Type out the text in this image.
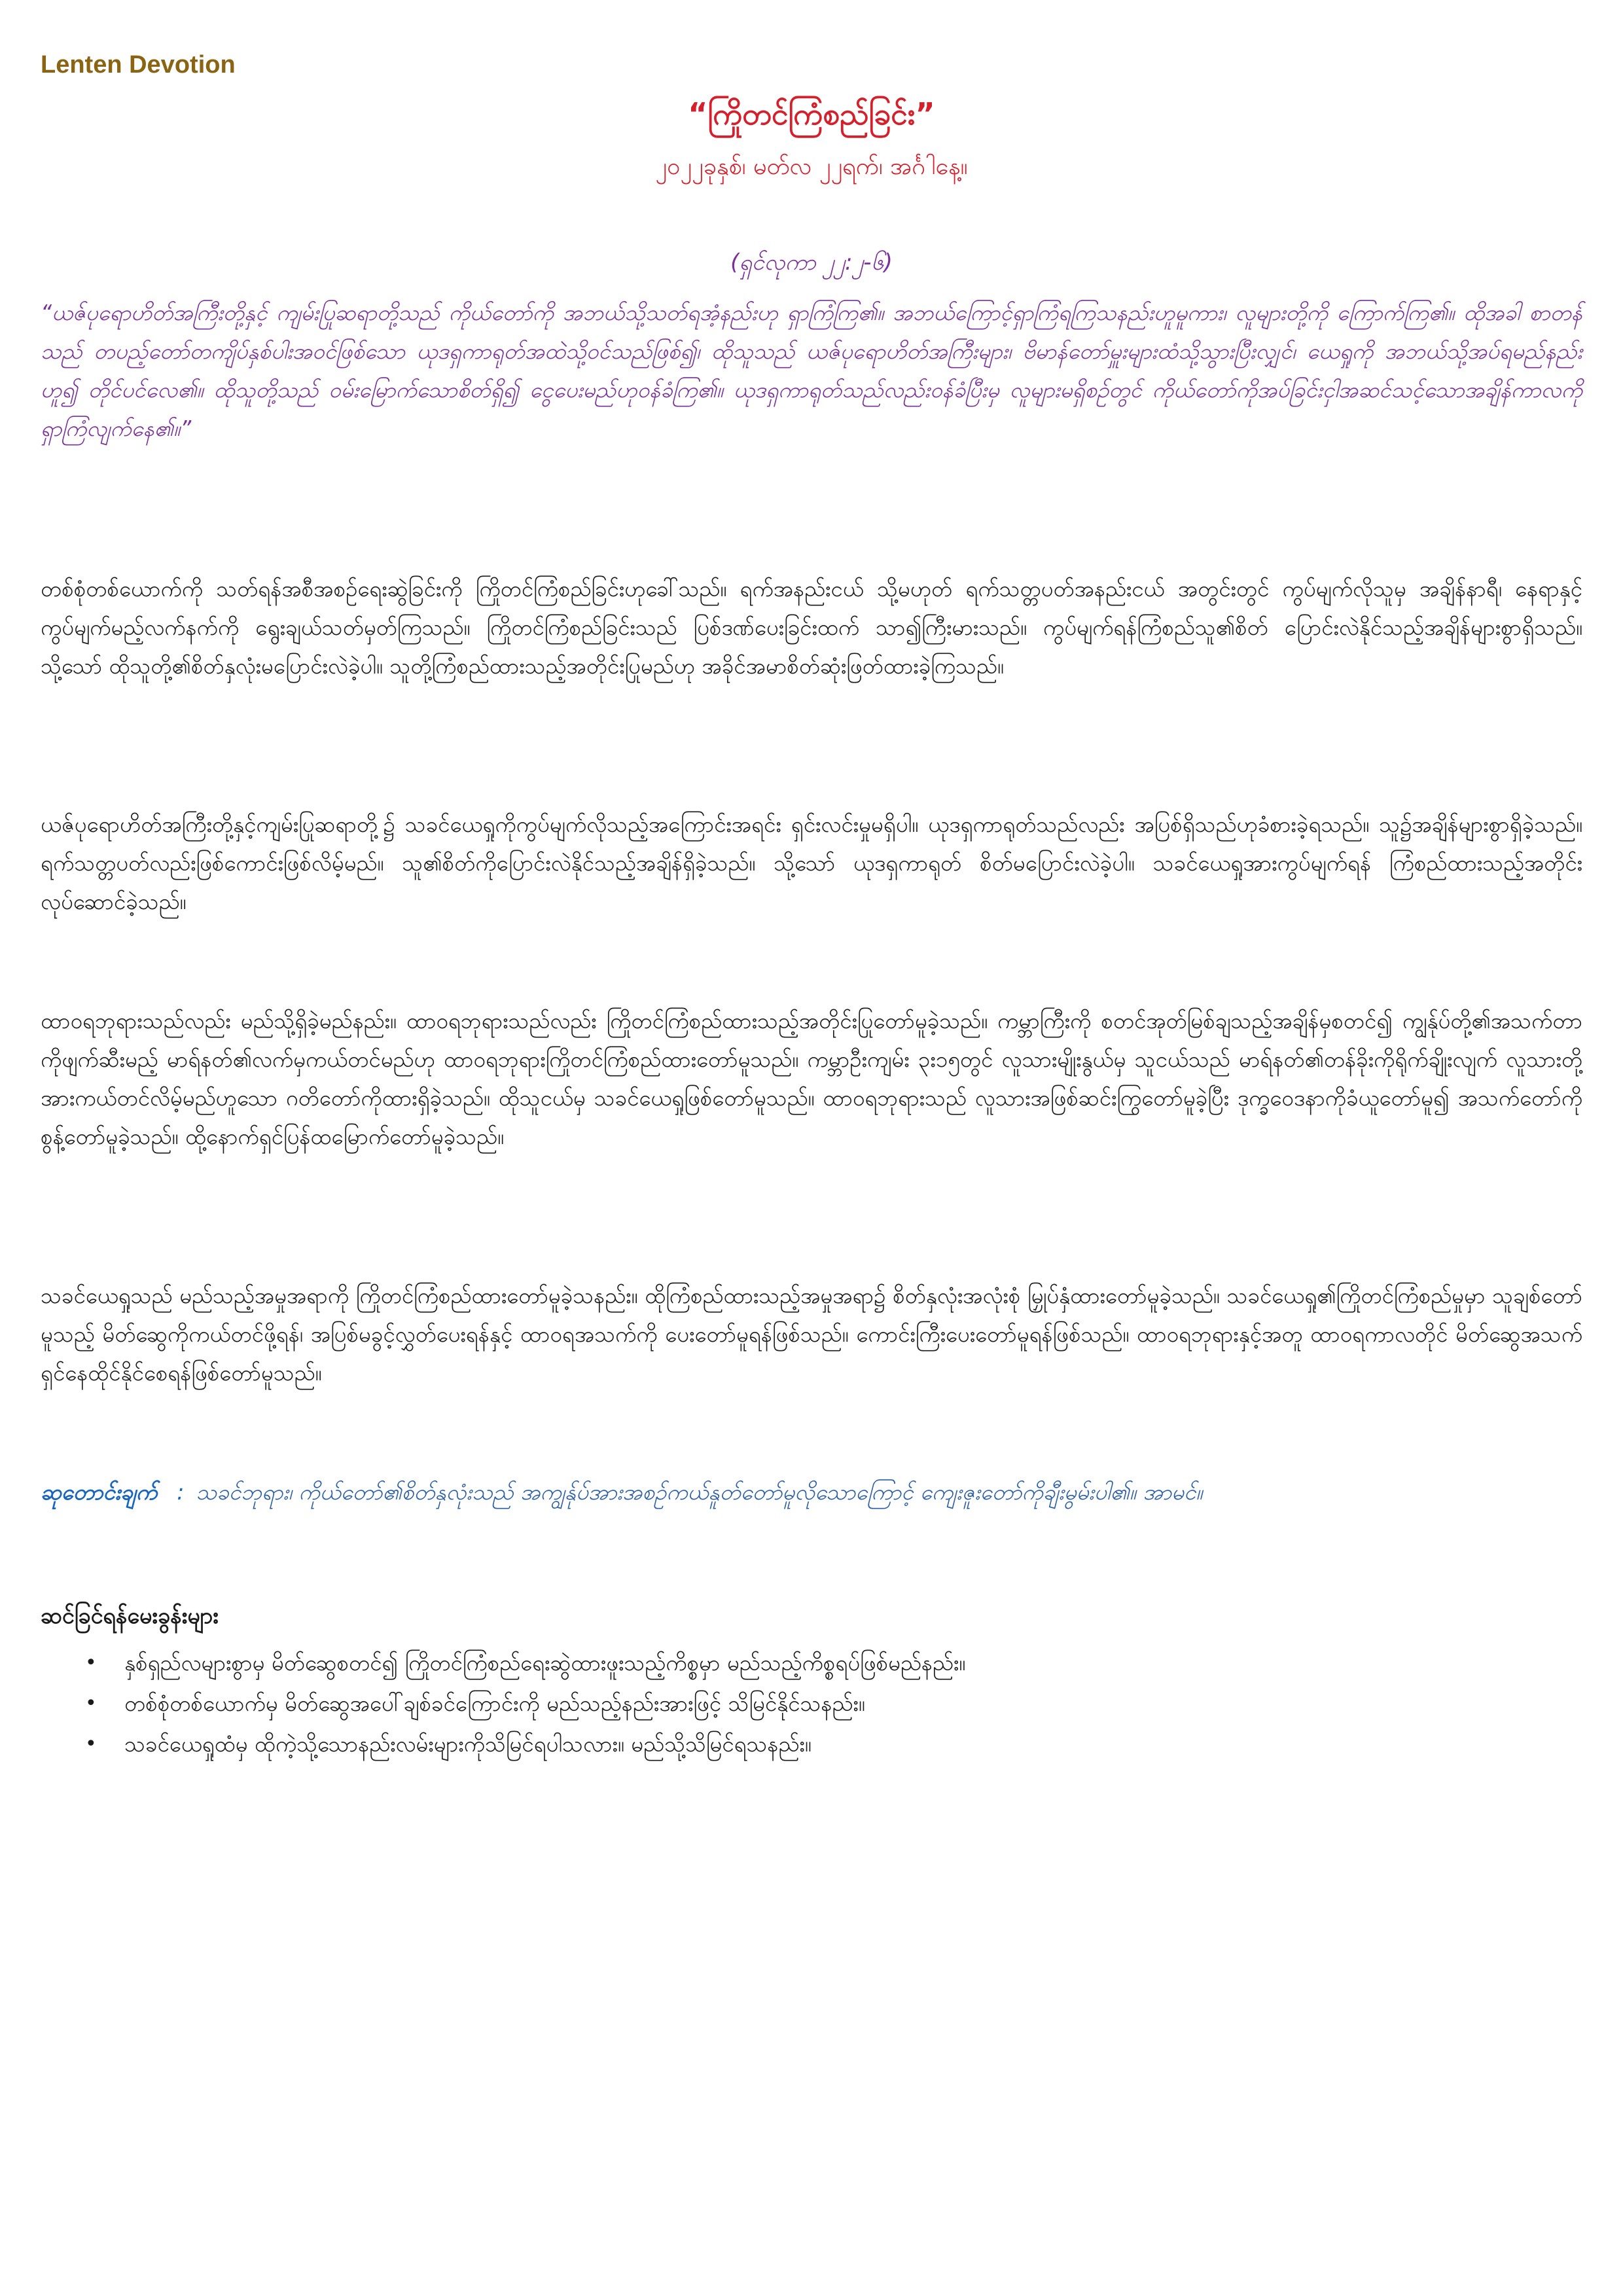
Lenten Devotion
“ကြိုတင်ကြံစည်ခြင်း”
၂၀၂၂ခုနှစ်၊ မတ်လ ၂၂ရက်၊ အင်္ဂါနေ့။
(ရှင်လုကာ ၂၂:၂-၆)
“ယဇ်ပုရောဟိတ်အကြီးတို့နှင့် ကျမ်းပြုဆရာတို့သည် ကိုယ်တော်ကို အဘယ်သို့သတ်ရအံ့နည်းဟု ရှာကြံကြ၏။ အဘယ်ကြောင့်ရှာကြံရကြသနည်းဟူမူကား၊ လူများတို့ကို ကြောက်ကြ၏။ ထိုအခါ စာတန်သည် တပည့်တော်တကျိပ်နှစ်ပါးအဝင်ဖြစ်သော ယုဒရှကာရုတ်အထဲသို့ဝင်သည်ဖြစ်၍၊ ထိုသူသည် ယဇ်ပုရောဟိတ်အကြီးများ၊ ဗိမာန်တော်မှူးများထံသို့သွားပြီးလျှင်၊ ယေရှုကို အဘယ်သို့အပ်ရမည်နည်းဟူ၍ တိုင်ပင်လေ၏။ ထိုသူတို့သည် ဝမ်းမြောက်သောစိတ်ရှိ၍ ငွေပေးမည်ဟုဝန်ခံကြ၏။ ယုဒရှကာရုတ်သည်လည်းဝန်ခံပြီးမှ လူများမရှိစဉ်တွင် ကိုယ်တော်ကိုအပ်ခြင်းငှါအဆင်သင့်သောအချိန်ကာလကိုရှာကြံလျက်နေ၏။”
တစ်စုံတစ်ယောက်ကို သတ်ရန်အစီအစဉ်ရေးဆွဲခြင်းကို ကြိုတင်ကြံစည်ခြင်းဟုခေါ်သည်။ ရက်အနည်းငယ် သို့မဟုတ် ရက်သတ္တပတ်အနည်းငယ် အတွင်းတွင် ကွပ်မျက်လိုသူမှ အချိန်နာရီ၊ နေရာနှင့်ကွပ်မျက်မည့်လက်နက်ကို ရွေးချယ်သတ်မှတ်ကြသည်။ ကြိုတင်ကြံစည်ခြင်းသည် ပြစ်ဒဏ်ပေးခြင်းထက် သာ၍ကြီးမားသည်။ ကွပ်မျက်ရန်ကြံစည်သူ၏စိတ် ပြောင်းလဲနိုင်သည့်အချိန်များစွာရှိသည်။ သို့သော် ထိုသူတို့၏စိတ်နှလုံးမပြောင်းလဲခဲ့ပါ။ သူတို့ကြံစည်ထားသည့်အတိုင်းပြုမည်ဟု အခိုင်အမာစိတ်ဆုံးဖြတ်ထားခဲ့ကြသည်။
ယဇ်ပုရောဟိတ်အကြီးတို့နှင့်ကျမ်းပြုဆရာတို့၌ သခင်ယေရှုကိုကွပ်မျက်လိုသည့်အကြောင်းအရင်း ရှင်းလင်းမှုမရှိပါ။ ယုဒရှကာရုတ်သည်လည်း အပြစ်ရှိသည်ဟုခံစားခဲ့ရသည်။ သူ၌အချိန်များစွာရှိခဲ့သည်။ ရက်သတ္တပတ်လည်းဖြစ်ကောင်းဖြစ်လိမ့်မည်။ သူ၏စိတ်ကိုပြောင်းလဲနိုင်သည့်အချိန်ရှိခဲ့သည်။ သို့သော် ယုဒရှကာရုတ် စိတ်မပြောင်းလဲခဲ့ပါ။ သခင်ယေရှုအားကွပ်မျက်ရန် ကြံစည်ထားသည့်အတိုင်း လုပ်ဆောင်ခဲ့သည်။
ထာဝရဘုရားသည်လည်း မည်သို့ရှိခဲ့မည်နည်း။ ထာဝရဘုရားသည်လည်း ကြိုတင်ကြံစည်ထားသည့်အတိုင်းပြုတော်မူခဲ့သည်။ ကမ္ဘာကြီးကို စတင်အုတ်မြစ်ချသည့်အချိန်မှစတင်၍ ကျွန်ုပ်တို့၏အသက်တာကိုဖျက်ဆီးမည့် မာရ်နတ်၏လက်မှကယ်တင်မည်ဟု ထာဝရဘုရားကြိုတင်ကြံစည်ထားတော်မူသည်။ ကမ္ဘာဦးကျမ်း ၃း၁၅တွင် လူသားမျိုးနွယ်မှ သူငယ်သည် မာရ်နတ်၏တန်ခိုးကိုရိုက်ချိုးလျက် လူသားတို့အားကယ်တင်လိမ့်မည်ဟူသော ဂတိတော်ကိုထားရှိခဲ့သည်။ ထိုသူငယ်မှ သခင်ယေရှုဖြစ်တော်မူသည်။ ထာဝရဘုရားသည် လူသားအဖြစ်ဆင်းကြွတော်မူခဲ့ပြီး ဒုက္ခဝေဒနာကိုခံယူတော်မူ၍ အသက်တော်ကိုစွန့်တော်မူခဲ့သည်။ ထို့နောက်ရှင်ပြန်ထမြောက်တော်မူခဲ့သည်။
သခင်ယေရှုသည် မည်သည့်အမှုအရာကို ကြိုတင်ကြံစည်ထားတော်မူခဲ့သနည်း။ ထိုကြံစည်ထားသည့်အမှုအရာ၌ စိတ်နှလုံးအလုံးစုံ မြှုပ်နှံထားတော်မူခဲ့သည်။ သခင်ယေရှု၏ကြိုတင်ကြံစည်မှုမှာ သူချစ်တော်မူသည့် မိတ်ဆွေကိုကယ်တင်ဖို့ရန်၊ အပြစ်မခွင့်လွှတ်ပေးရန်နှင့် ထာဝရအသက်ကို ပေးတော်မူရန်ဖြစ်သည်။ ကောင်းကြီးပေးတော်မူရန်ဖြစ်သည်။ ထာဝရဘုရားနှင့်အတူ ထာဝရကာလတိုင် မိတ်ဆွေအသက်ရှင်နေထိုင်နိုင်စေရန်ဖြစ်တော်မူသည်။
ဆုတောင်းချက် : သခင်ဘုရား၊ ကိုယ်တော်၏စိတ်နှလုံးသည် အကျွန်ုပ်အားအစဉ်ကယ်နူတ်တော်မူလိုသောကြောင့် ကျေးဇူးတော်ကိုချီးမွမ်းပါ၏။ အာမင်။
ဆင်ခြင်ရန်မေးခွန်းများ
• နှစ်ရှည်လများစွာမှ မိတ်ဆွေစတင်၍ ကြိုတင်ကြံစည်ရေးဆွဲထားဖူးသည့်ကိစ္စမှာ မည်သည့်ကိစ္စရပ်ဖြစ်မည်နည်း။
• တစ်စုံတစ်ယောက်မှ မိတ်ဆွေအပေါ်ချစ်ခင်ကြောင်းကို မည်သည့်နည်းအားဖြင့် သိမြင်နိုင်သနည်း။
• သခင်ယေရှုထံမှ ထိုကဲ့သို့သောနည်းလမ်းများကိုသိမြင်ရပါသလား။ မည်သို့သိမြင်ရသနည်း။
